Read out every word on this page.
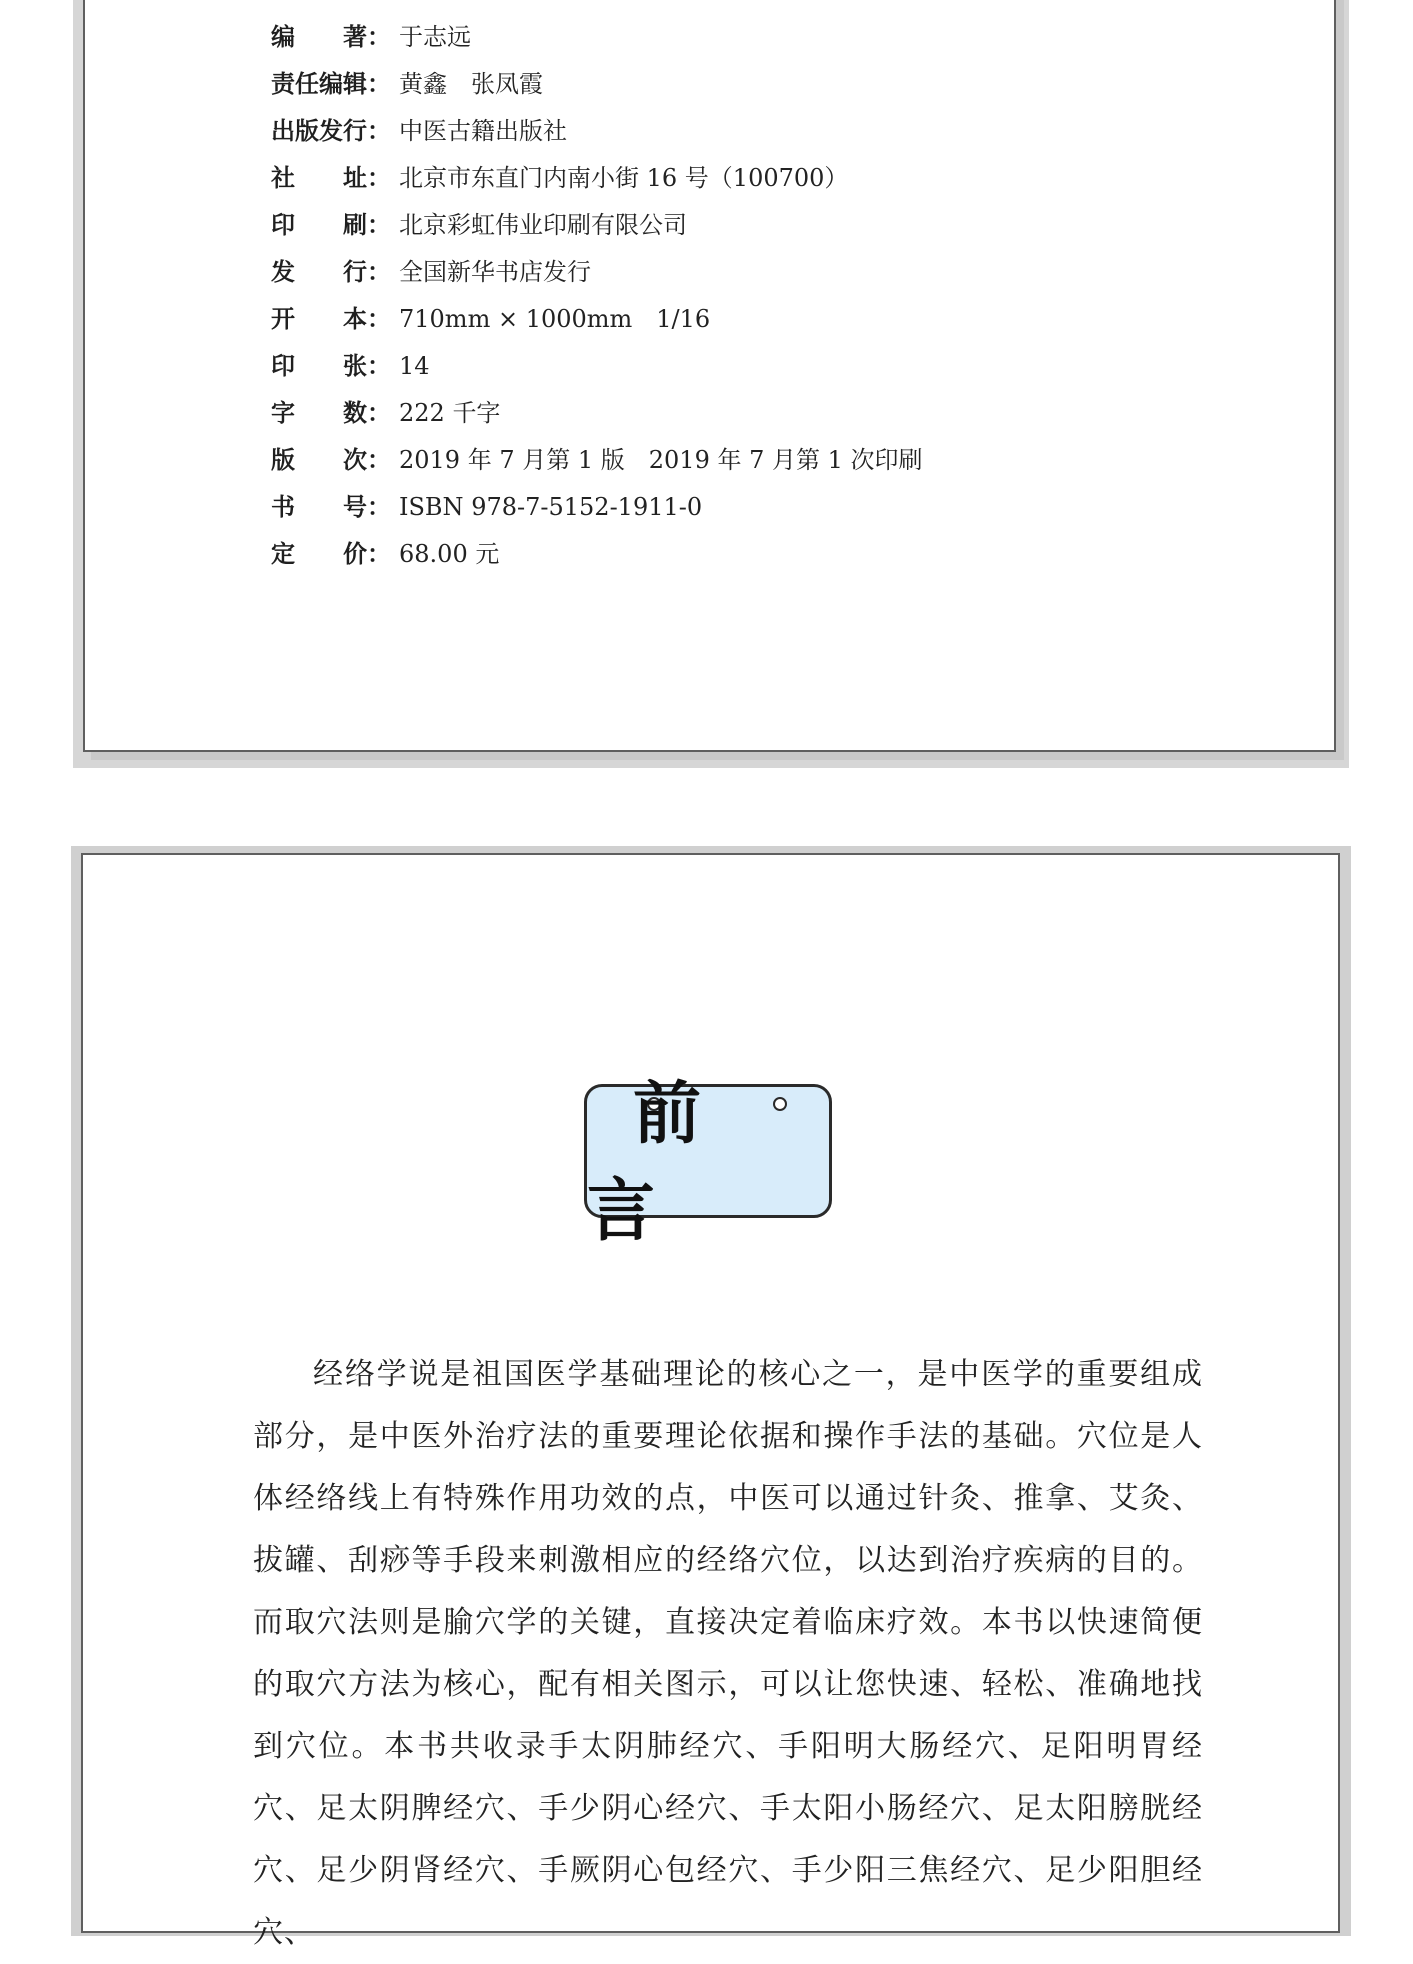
编　　著： 于志远
责任编辑： 黄鑫　张凤霞
出版发行： 中医古籍出版社
社　　址： 北京市东直门内南小街 16 号（100700）
印　　刷： 北京彩虹伟业印刷有限公司
发　　行： 全国新华书店发行
开　　本： 710mm × 1000mm　1/16
印　　张： 14
字　　数： 222 千字
版　　次： 2019 年 7 月第 1 版　2019 年 7 月第 1 次印刷
书　　号： ISBN 978-7-5152-1911-0
定　　价： 68.00 元
前言

经络学说是祖国医学基础理论的核心之一，是中医学的重要组成部分，是中医外治疗法的重要理论依据和操作手法的基础。穴位是人体经络线上有特殊作用功效的点，中医可以通过针灸、推拿、艾灸、拔罐、刮痧等手段来刺激相应的经络穴位，以达到治疗疾病的目的。而取穴法则是腧穴学的关键，直接决定着临床疗效。本书以快速简便的取穴方法为核心，配有相关图示，可以让您快速、轻松、准确地找到穴位。本书共收录手太阴肺经穴、手阳明大肠经穴、足阳明胃经穴、足太阴脾经穴、手少阴心经穴、手太阳小肠经穴、足太阳膀胱经穴、足少阴肾经穴、手厥阴心包经穴、手少阳三焦经穴、足少阳胆经穴、
